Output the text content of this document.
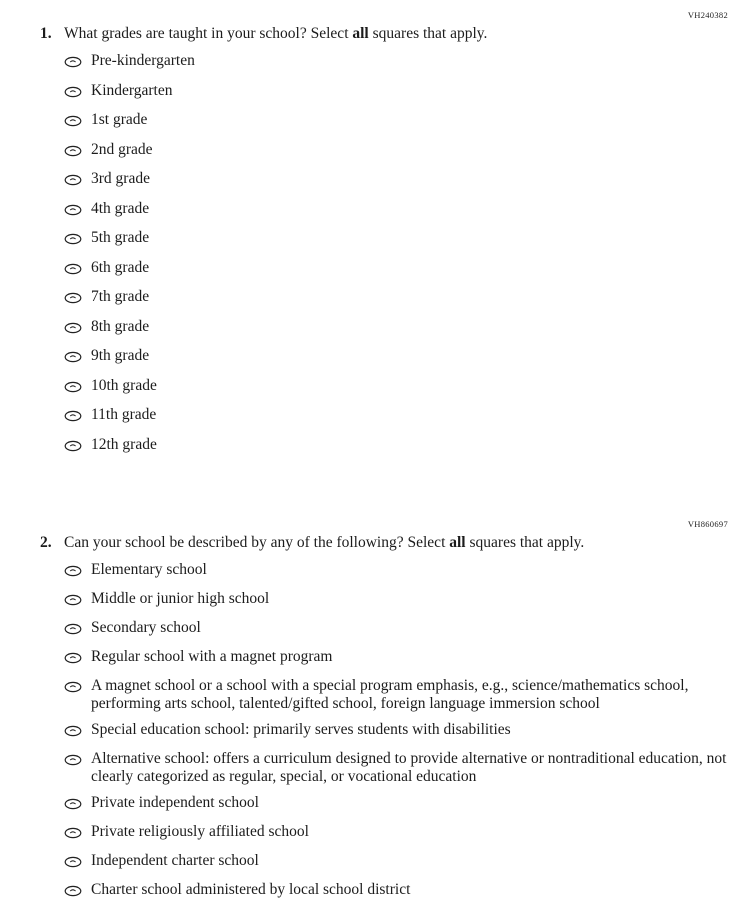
VH240382
1. What grades are taught in your school? Select all squares that apply.
Pre-kindergarten
Kindergarten
1st grade
2nd grade
3rd grade
4th grade
5th grade
6th grade
7th grade
8th grade
9th grade
10th grade
11th grade
12th grade
VH860697
2. Can your school be described by any of the following? Select all squares that apply.
Elementary school
Middle or junior high school
Secondary school
Regular school with a magnet program
A magnet school or a school with a special program emphasis, e.g., science/mathematics school, performing arts school, talented/gifted school, foreign language immersion school
Special education school: primarily serves students with disabilities
Alternative school: offers a curriculum designed to provide alternative or nontraditional education, not clearly categorized as regular, special, or vocational education
Private independent school
Private religiously affiliated school
Independent charter school
Charter school administered by local school district
